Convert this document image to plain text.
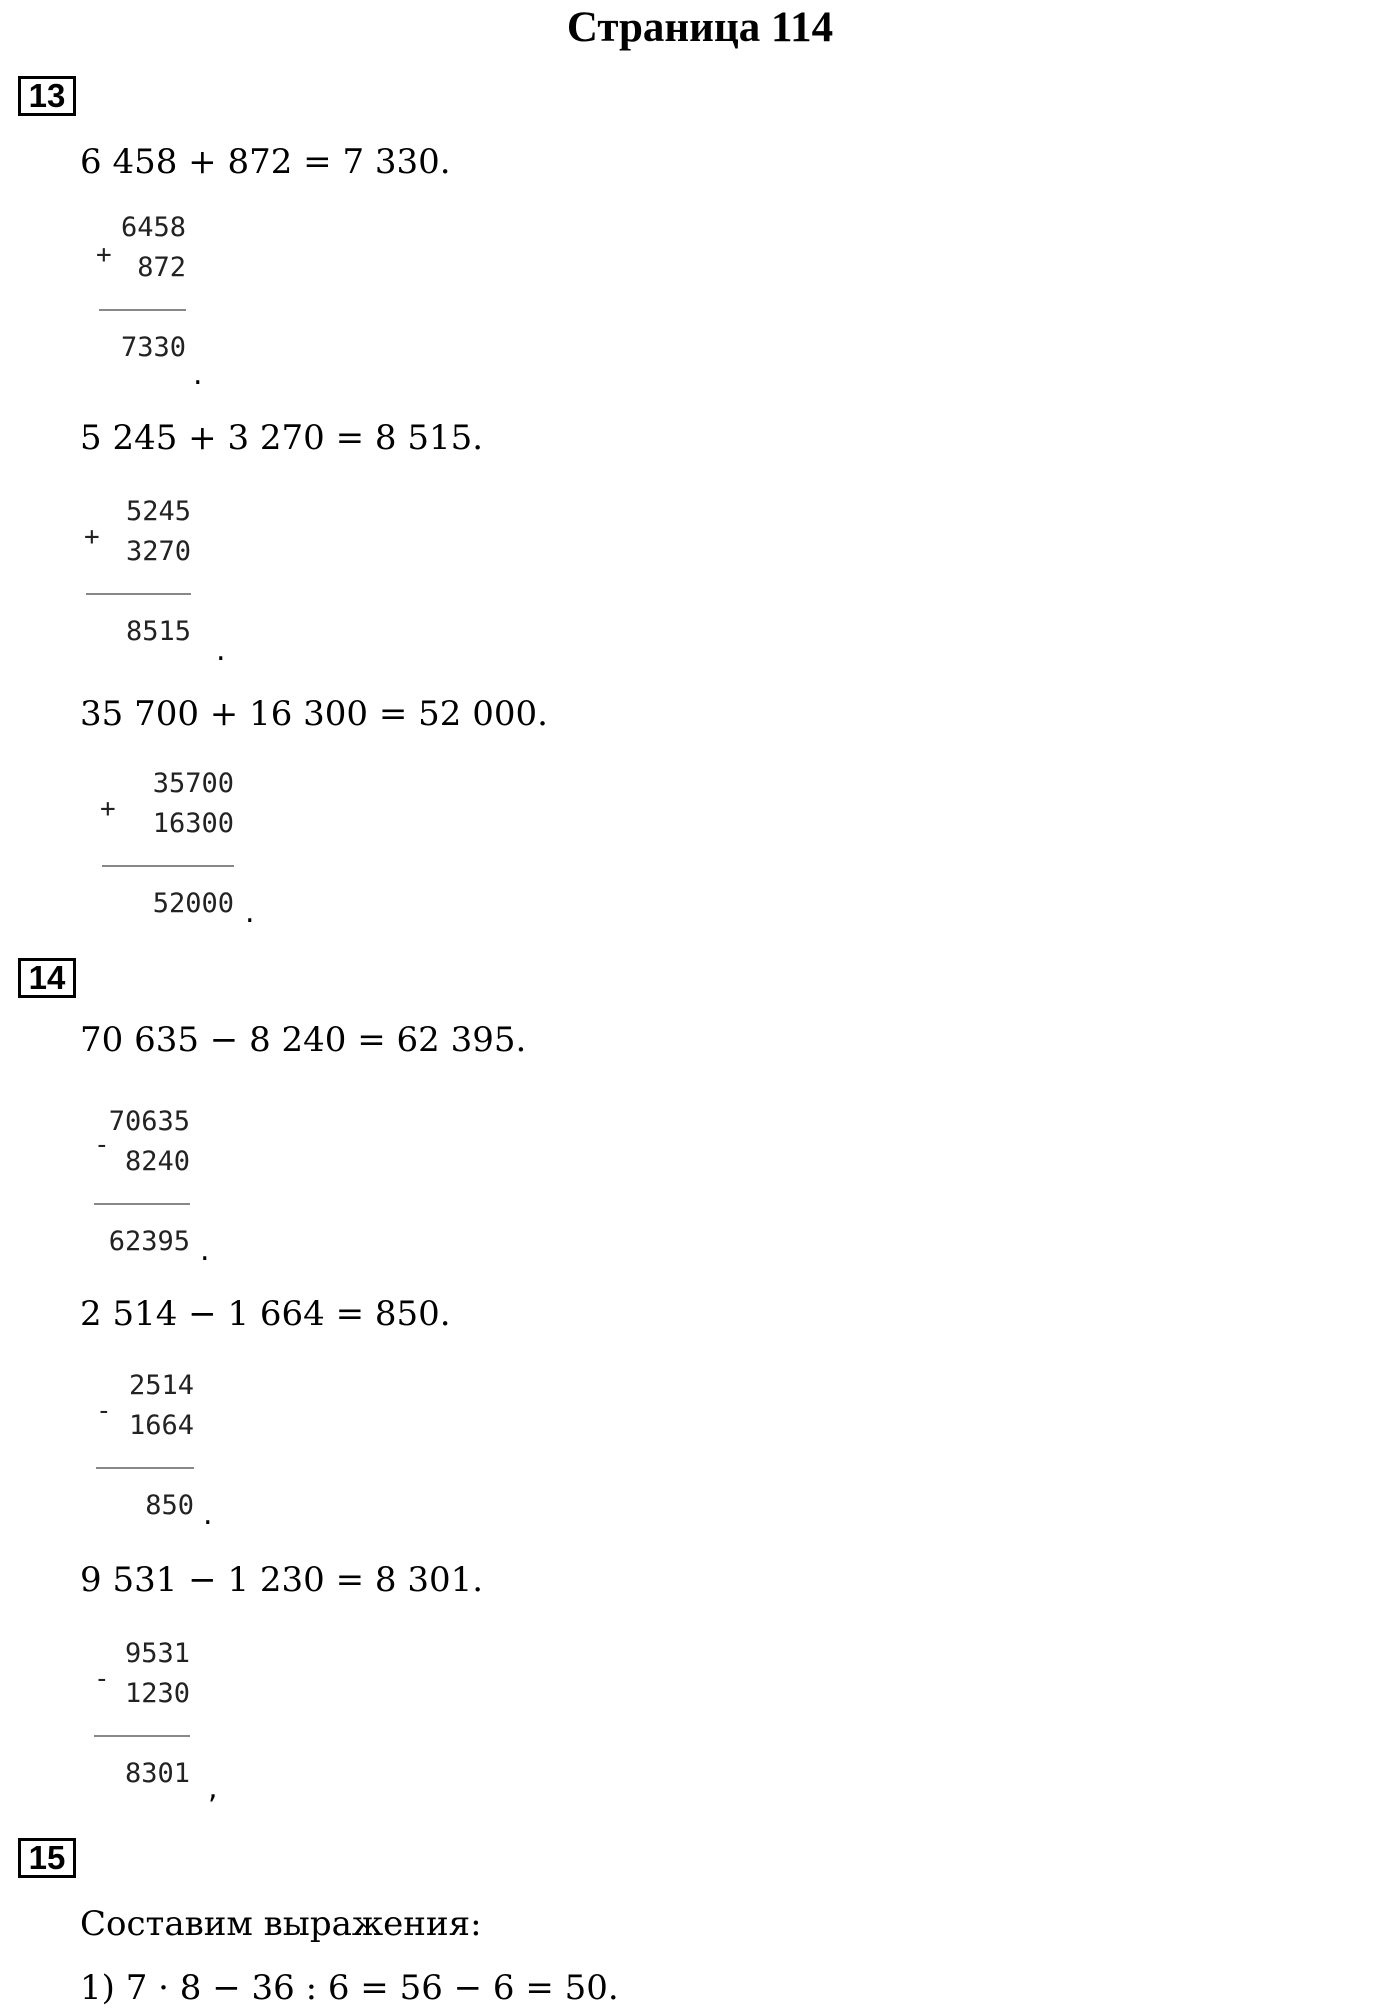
Страница 114
13
6 458 + 872 = 7 330.
+
6458
872
7330
.
5 245 + 3 270 = 8 515.
+
5245
3270
8515
.
35 700 + 16 300 = 52 000.
+
35700
16300
52000 .
14
70 635 − 8 240 = 62 395.
-
70635
8240
62395 .
2 514 − 1 664 = 850.
-
2514
1664
850 .
9 531 − 1 230 = 8 301.
-
9531
1230
8301 ,
15
Составим выражения:
1) 7 · 8 − 36 : 6 = 56 − 6 = 50.
